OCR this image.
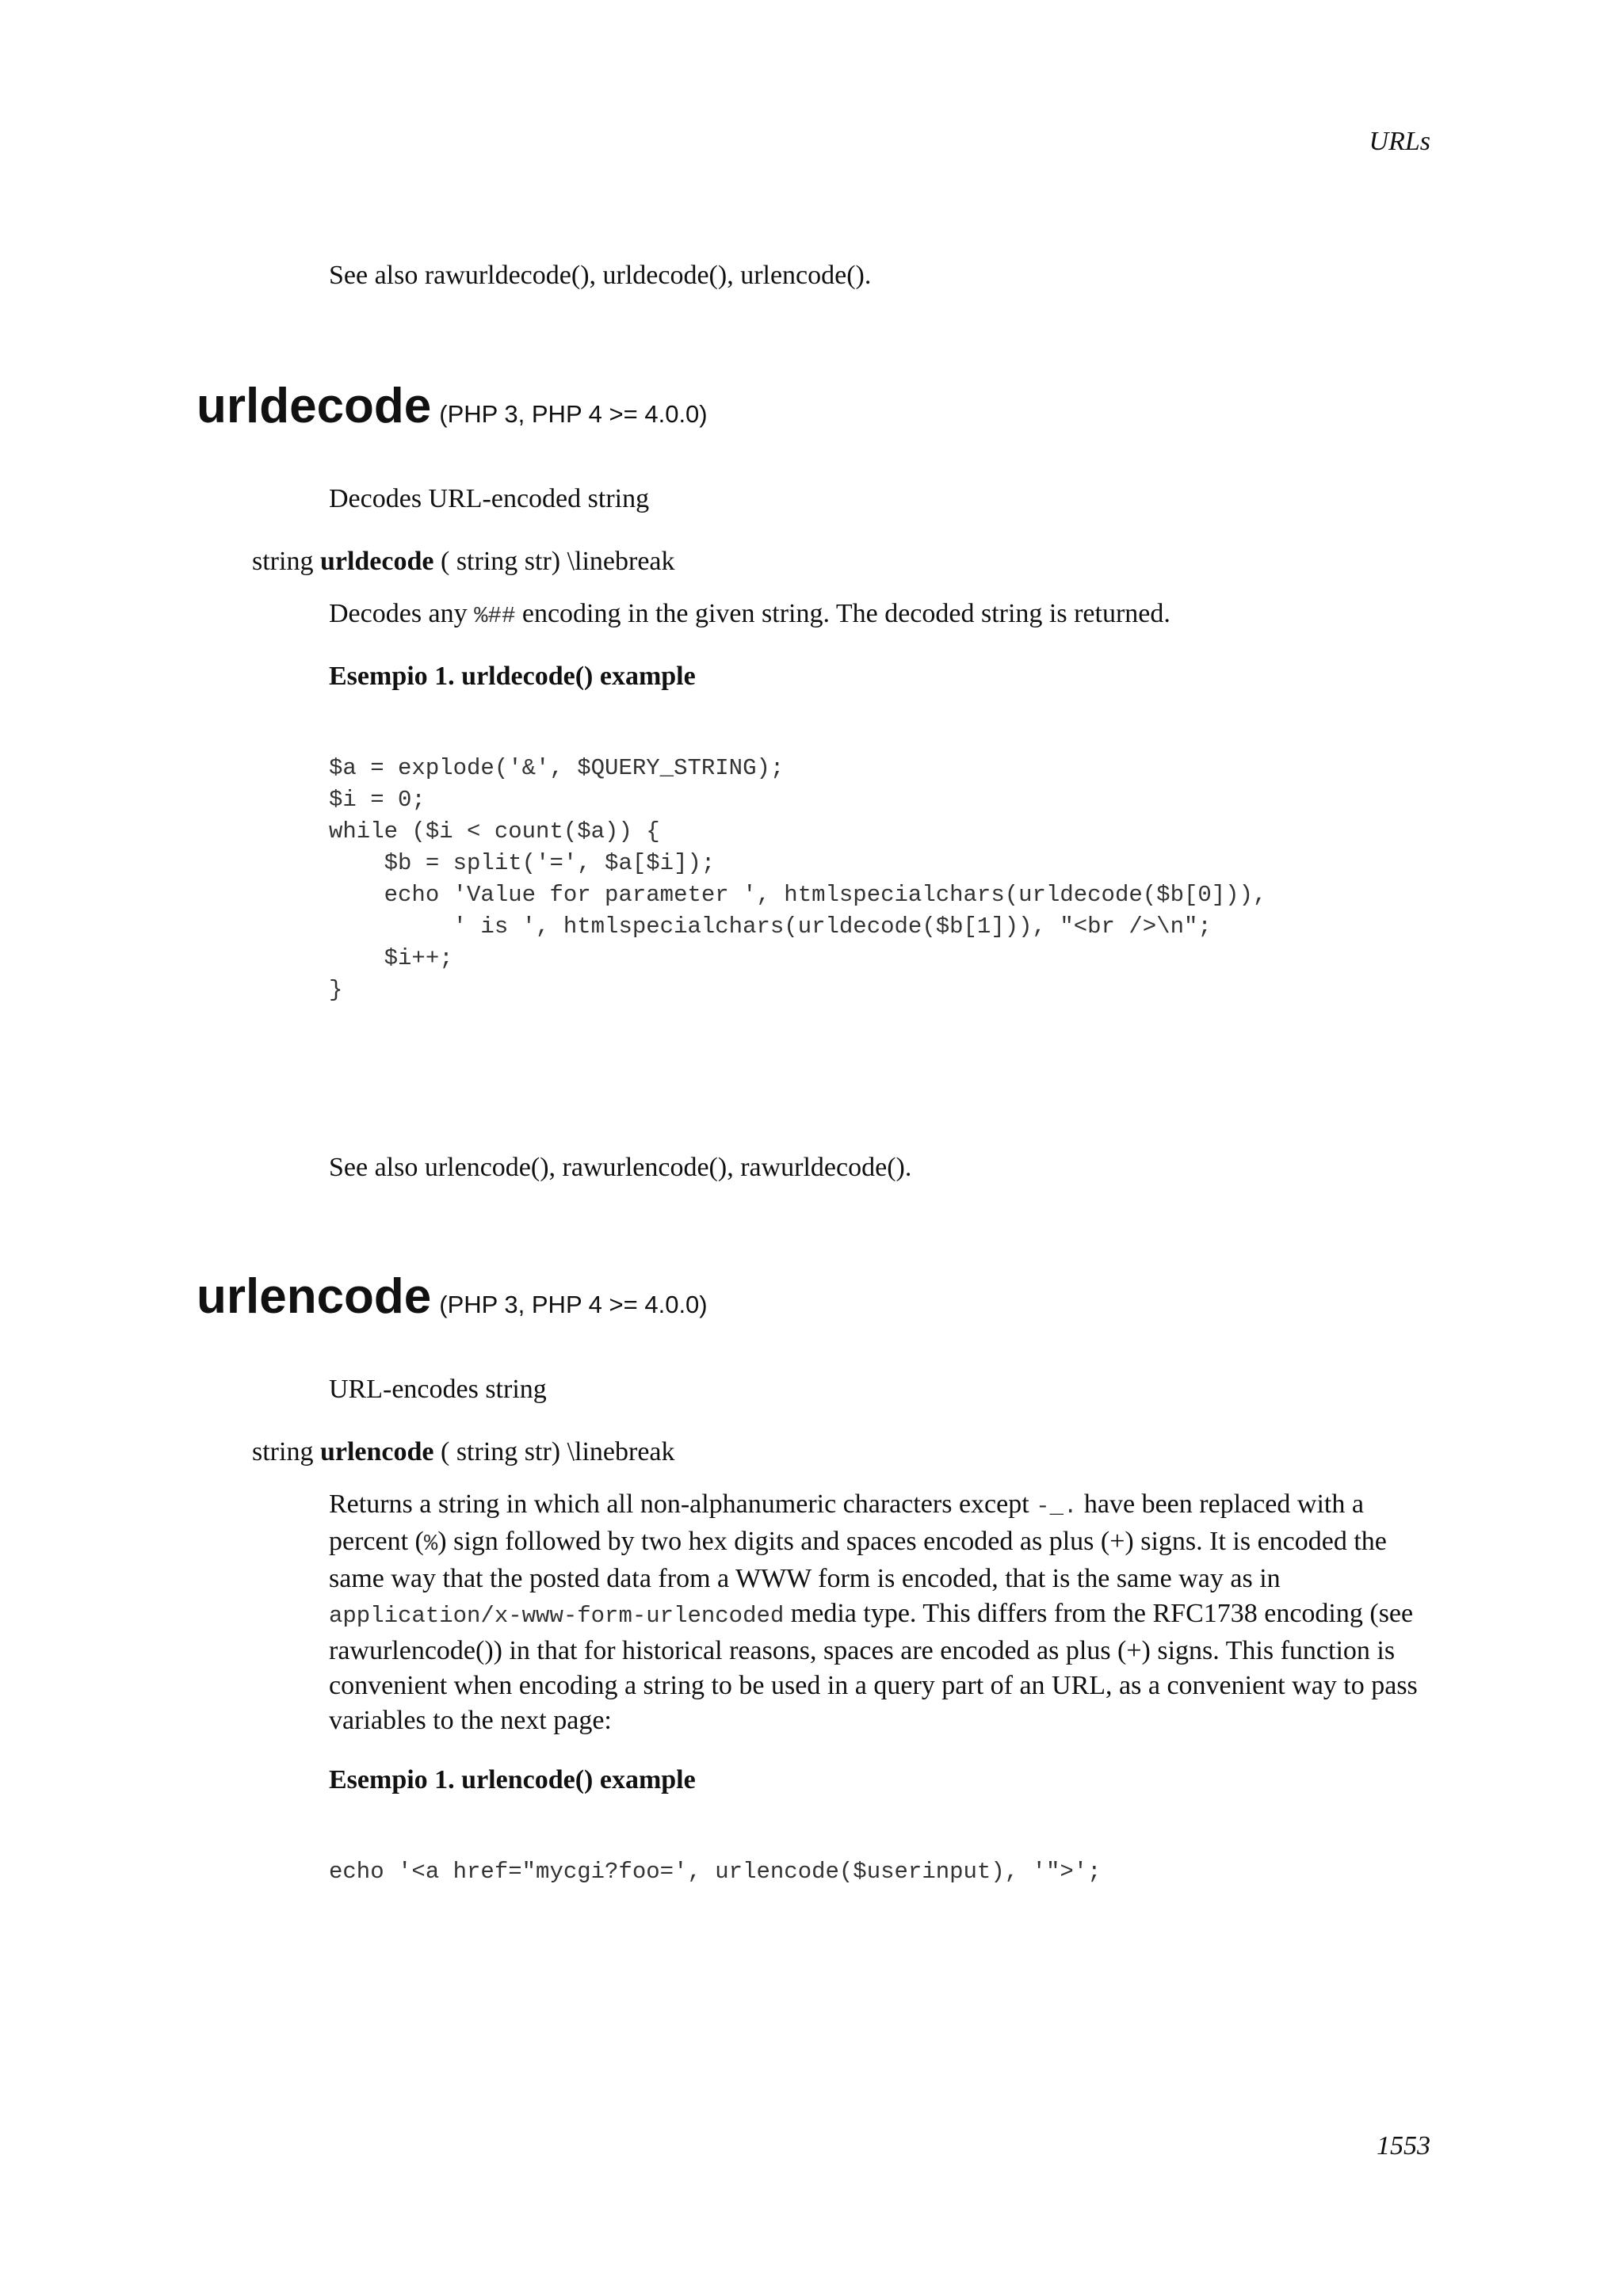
URLs
See also rawurldecode(), urldecode(), urlencode().
urldecode (PHP 3, PHP 4 >= 4.0.0)
Decodes URL-encoded string
string urldecode ( string str) \linebreak
Decodes any %## encoding in the given string. The decoded string is returned.
Esempio 1. urldecode() example
$a = explode('&', $QUERY_STRING);
$i = 0;
while ($i < count($a)) {
$b = split('=', $a[$i]);
echo 'Value for parameter ', htmlspecialchars(urldecode($b[0])),
' is ', htmlspecialchars(urldecode($b[1])), "<br />\n";
$i++;
}
See also urlencode(), rawurlencode(), rawurldecode().
urlencode (PHP 3, PHP 4 >= 4.0.0)
URL-encodes string
string urlencode ( string str) \linebreak
Returns a string in which all non-alphanumeric characters except -_. have been replaced with a percent (%) sign followed by two hex digits and spaces encoded as plus (+) signs. It is encoded the same way that the posted data from a WWW form is encoded, that is the same way as in application/x-www-form-urlencoded media type. This differs from the RFC1738 encoding (see rawurlencode()) in that for historical reasons, spaces are encoded as plus (+) signs. This function is convenient when encoding a string to be used in a query part of an URL, as a convenient way to pass variables to the next page:
Esempio 1. urlencode() example
echo '<a href="mycgi?foo=', urlencode($userinput), '">';
1553
